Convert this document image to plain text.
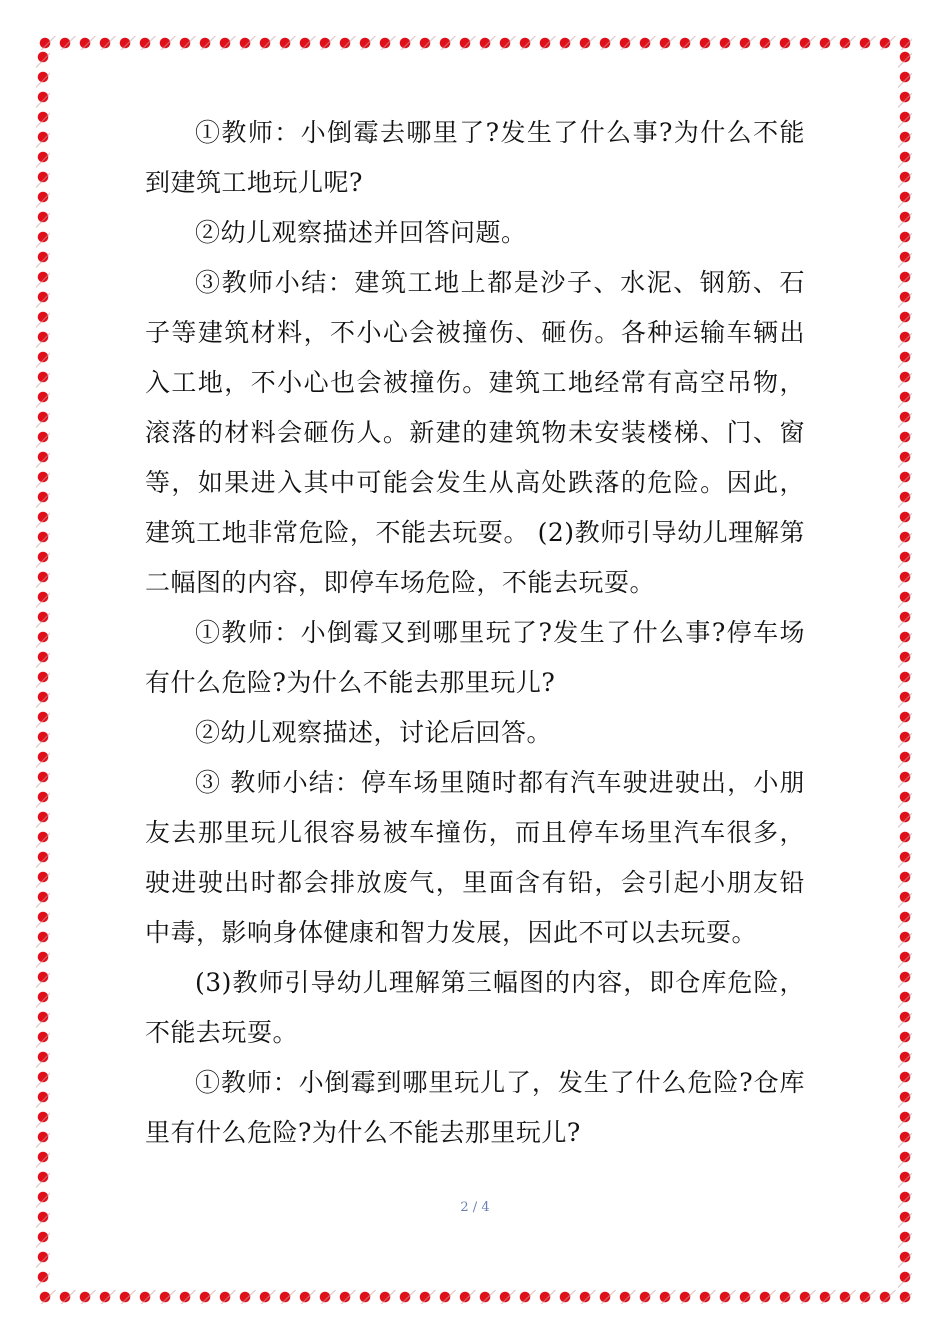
①教师：小倒霉去哪里了?发生了什么事?为什么不能到建筑工地玩儿呢?

②幼儿观察描述并回答问题。

③教师小结：建筑工地上都是沙子、水泥、钢筋、石子等建筑材料，不小心会被撞伤、砸伤。各种运输车辆出入工地，不小心也会被撞伤。建筑工地经常有高空吊物，滚落的材料会砸伤人。新建的建筑物未安装楼梯、门、窗等，如果进入其中可能会发生从高处跌落的危险。因此，建筑工地非常危险，不能去玩耍。 (2)教师引导幼儿理解第二幅图的内容，即停车场危险，不能去玩耍。

①教师：小倒霉又到哪里玩了?发生了什么事?停车场有什么危险?为什么不能去那里玩儿?

②幼儿观察描述，讨论后回答。

③ 教师小结：停车场里随时都有汽车驶进驶出，小朋友去那里玩儿很容易被车撞伤，而且停车场里汽车很多，驶进驶出时都会排放废气，里面含有铅，会引起小朋友铅中毒，影响身体健康和智力发展，因此不可以去玩耍。

(3)教师引导幼儿理解第三幅图的内容，即仓库危险，不能去玩耍。

①教师：小倒霉到哪里玩儿了，发生了什么危险?仓库里有什么危险?为什么不能去那里玩儿?

2 / 4
